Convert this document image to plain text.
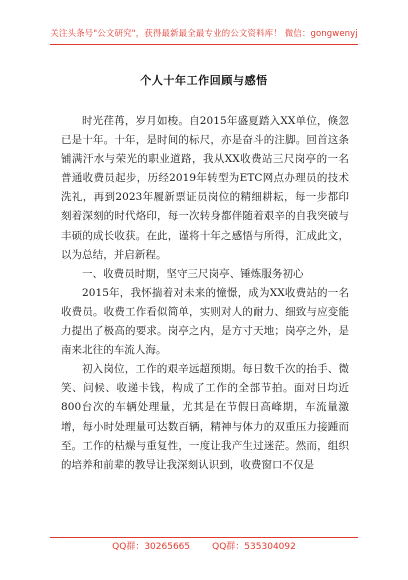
关注头条号"公文研究"，获得最新最全最专业的公文资料库！ 微信：gongwenyj
个人十年工作回顾与感悟

时光荏苒，岁月如梭。自2015年盛夏踏入XX单位，倏忽已是十年。十年，是时间的标尺，亦是奋斗的注脚。回首这条铺满汗水与荣光的职业道路，我从XX收费站三尺岗亭的一名普通收费员起步，历经2019年转型为ETC网点办理员的技术洗礼，再到2023年履新票证员岗位的精细耕耘，每一步都印刻着深刻的时代烙印，每一次转身都伴随着艰辛的自我突破与丰硕的成长收获。在此，谨将十年之感悟与所得，汇成此文，以为总结，并启新程。

一、收费员时期，坚守三尺岗亭、锤炼服务初心

2015年，我怀揣着对未来的憧憬，成为XX收费站的一名收费员。收费工作看似简单，实则对人的耐力、细致与应变能力提出了极高的要求。岗亭之内，是方寸天地；岗亭之外，是南来北往的车流人海。

初入岗位，工作的艰辛远超预期。每日数千次的抬手、微笑、问候、收递卡钱，构成了工作的全部节拍。面对日均近800台次的车辆处理量，尤其是在节假日高峰期，车流量激增，每小时处理量可达数百辆，精神与体力的双重压力接踵而至。工作的枯燥与重复性，一度让我产生过迷茫。然而，组织的培养和前辈的教导让我深刻认识到，收费窗口不仅是

QQ群：30265665 QQ群：535304092
